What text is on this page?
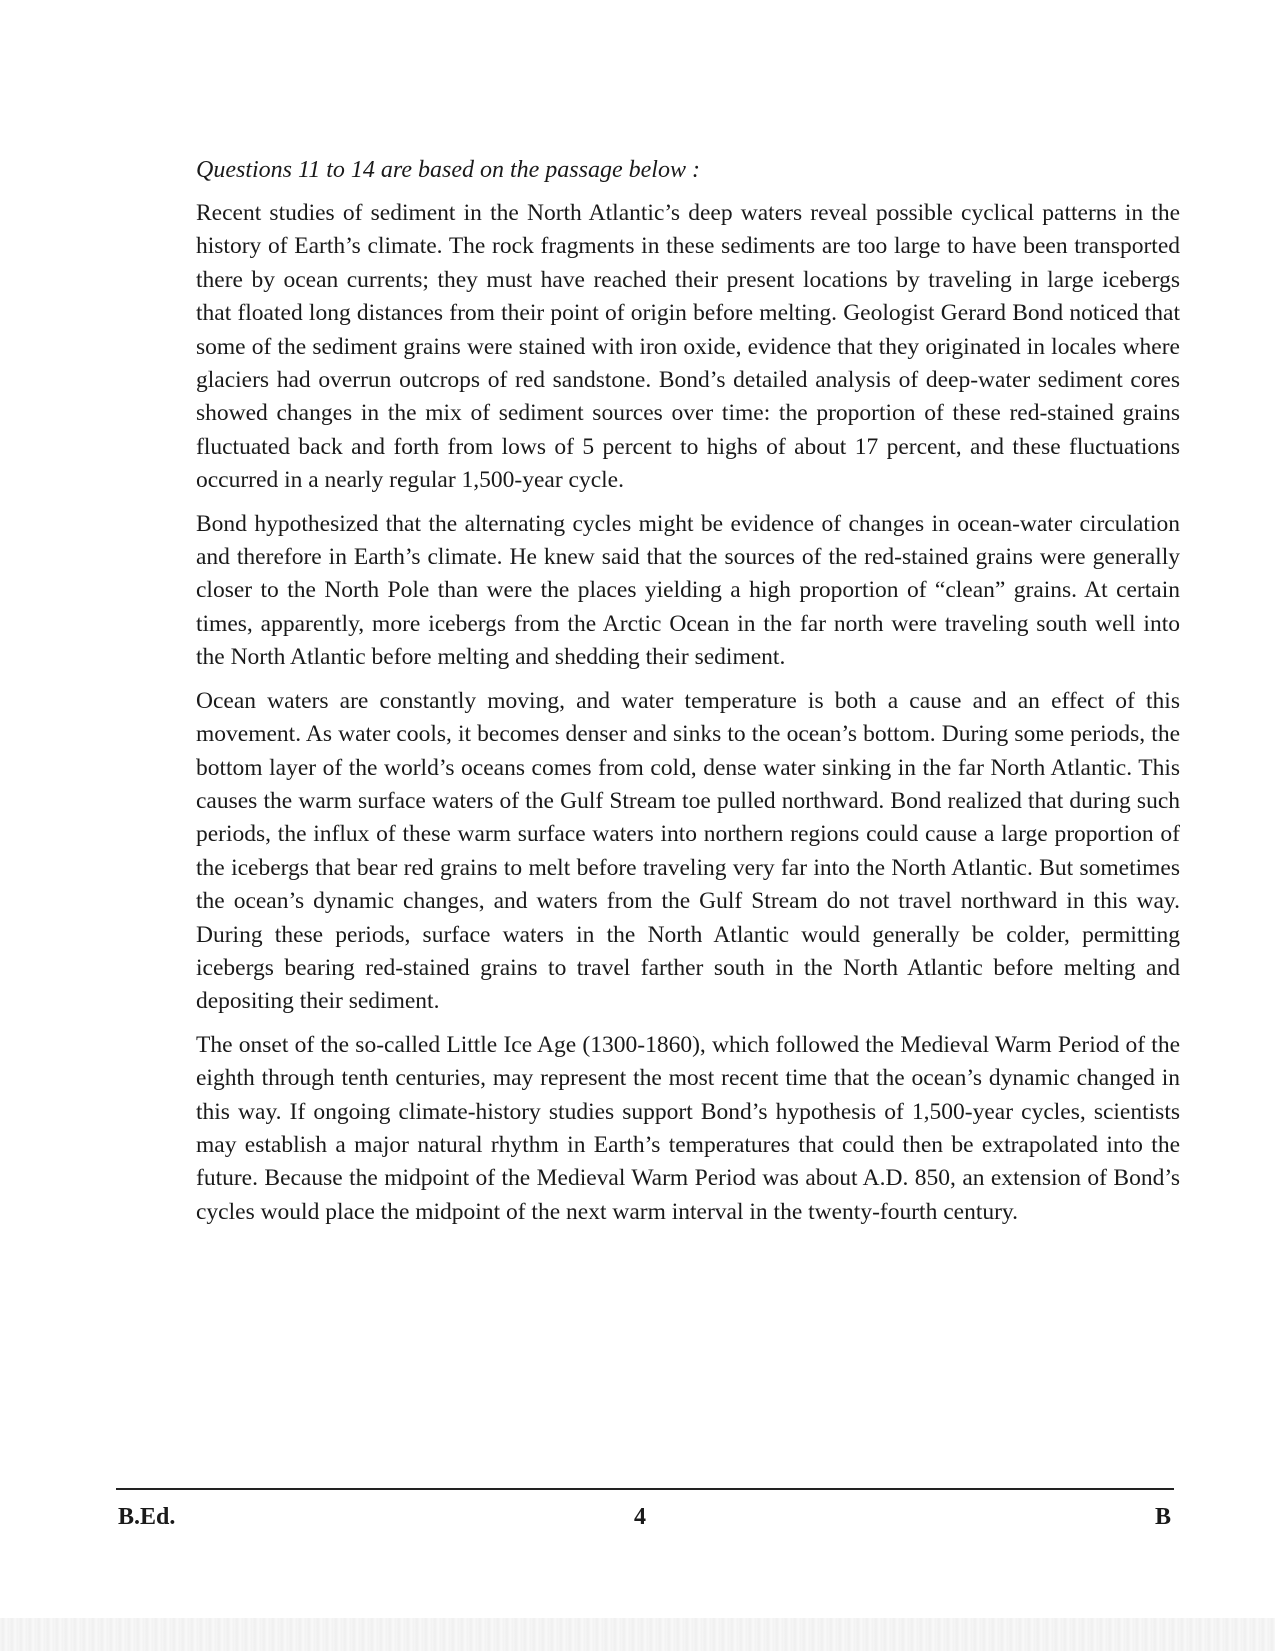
Questions 11 to 14 are based on the passage below :

Recent studies of sediment in the North Atlantic’s deep waters reveal possible cyclical patterns in the history of Earth’s climate. The rock fragments in these sediments are too large to have been transported there by ocean currents; they must have reached their present locations by traveling in large icebergs that floated long distances from their point of origin before melting. Geologist Gerard Bond noticed that some of the sediment grains were stained with iron oxide, evidence that they originated in locales where glaciers had overrun outcrops of red sandstone. Bond’s detailed analysis of deep-water sediment cores showed changes in the mix of sediment sources over time: the proportion of these red-stained grains fluctuated back and forth from lows of 5 percent to highs of about 17 percent, and these fluctuations occurred in a nearly regular 1,500-year cycle.

Bond hypothesized that the alternating cycles might be evidence of changes in ocean-water circulation and therefore in Earth’s climate. He knew said that the sources of the red-stained grains were generally closer to the North Pole than were the places yielding a high proportion of “clean” grains. At certain times, apparently, more icebergs from the Arctic Ocean in the far north were traveling south well into the North Atlantic before melting and shedding their sediment.

Ocean waters are constantly moving, and water temperature is both a cause and an effect of this movement. As water cools, it becomes denser and sinks to the ocean’s bottom. During some periods, the bottom layer of the world’s oceans comes from cold, dense water sinking in the far North Atlantic. This causes the warm surface waters of the Gulf Stream toe pulled northward. Bond realized that during such periods, the influx of these warm surface waters into northern regions could cause a large proportion of the icebergs that bear red grains to melt before traveling very far into the North Atlantic. But sometimes the ocean’s dynamic changes, and waters from the Gulf Stream do not travel northward in this way. During these periods, surface waters in the North Atlantic would generally be colder, permitting icebergs bearing red-stained grains to travel farther south in the North Atlantic before melting and depositing their sediment.

The onset of the so-called Little Ice Age (1300-1860), which followed the Medieval Warm Period of the eighth through tenth centuries, may represent the most recent time that the ocean’s dynamic changed in this way. If ongoing climate-history studies support Bond’s hypothesis of 1,500-year cycles, scientists may establish a major natural rhythm in Earth’s temperatures that could then be extrapolated into the future. Because the midpoint of the Medieval Warm Period was about A.D. 850, an extension of Bond’s cycles would place the midpoint of the next warm interval in the twenty-fourth century.

B.Ed.	4	B
